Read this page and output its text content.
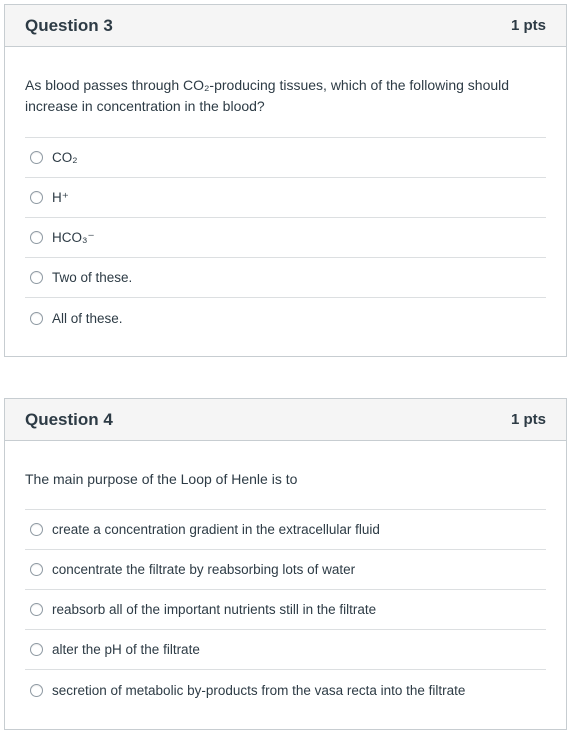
Question 3	1 pts
As blood passes through CO₂-producing tissues, which of the following should increase in concentration in the blood?
CO₂
H⁺
HCO₃⁻
Two of these.
All of these.
Question 4	1 pts
The main purpose of the Loop of Henle is to
create a concentration gradient in the extracellular fluid
concentrate the filtrate by reabsorbing lots of water
reabsorb all of the important nutrients still in the filtrate
alter the pH of the filtrate
secretion of metabolic by-products from the vasa recta into the filtrate
